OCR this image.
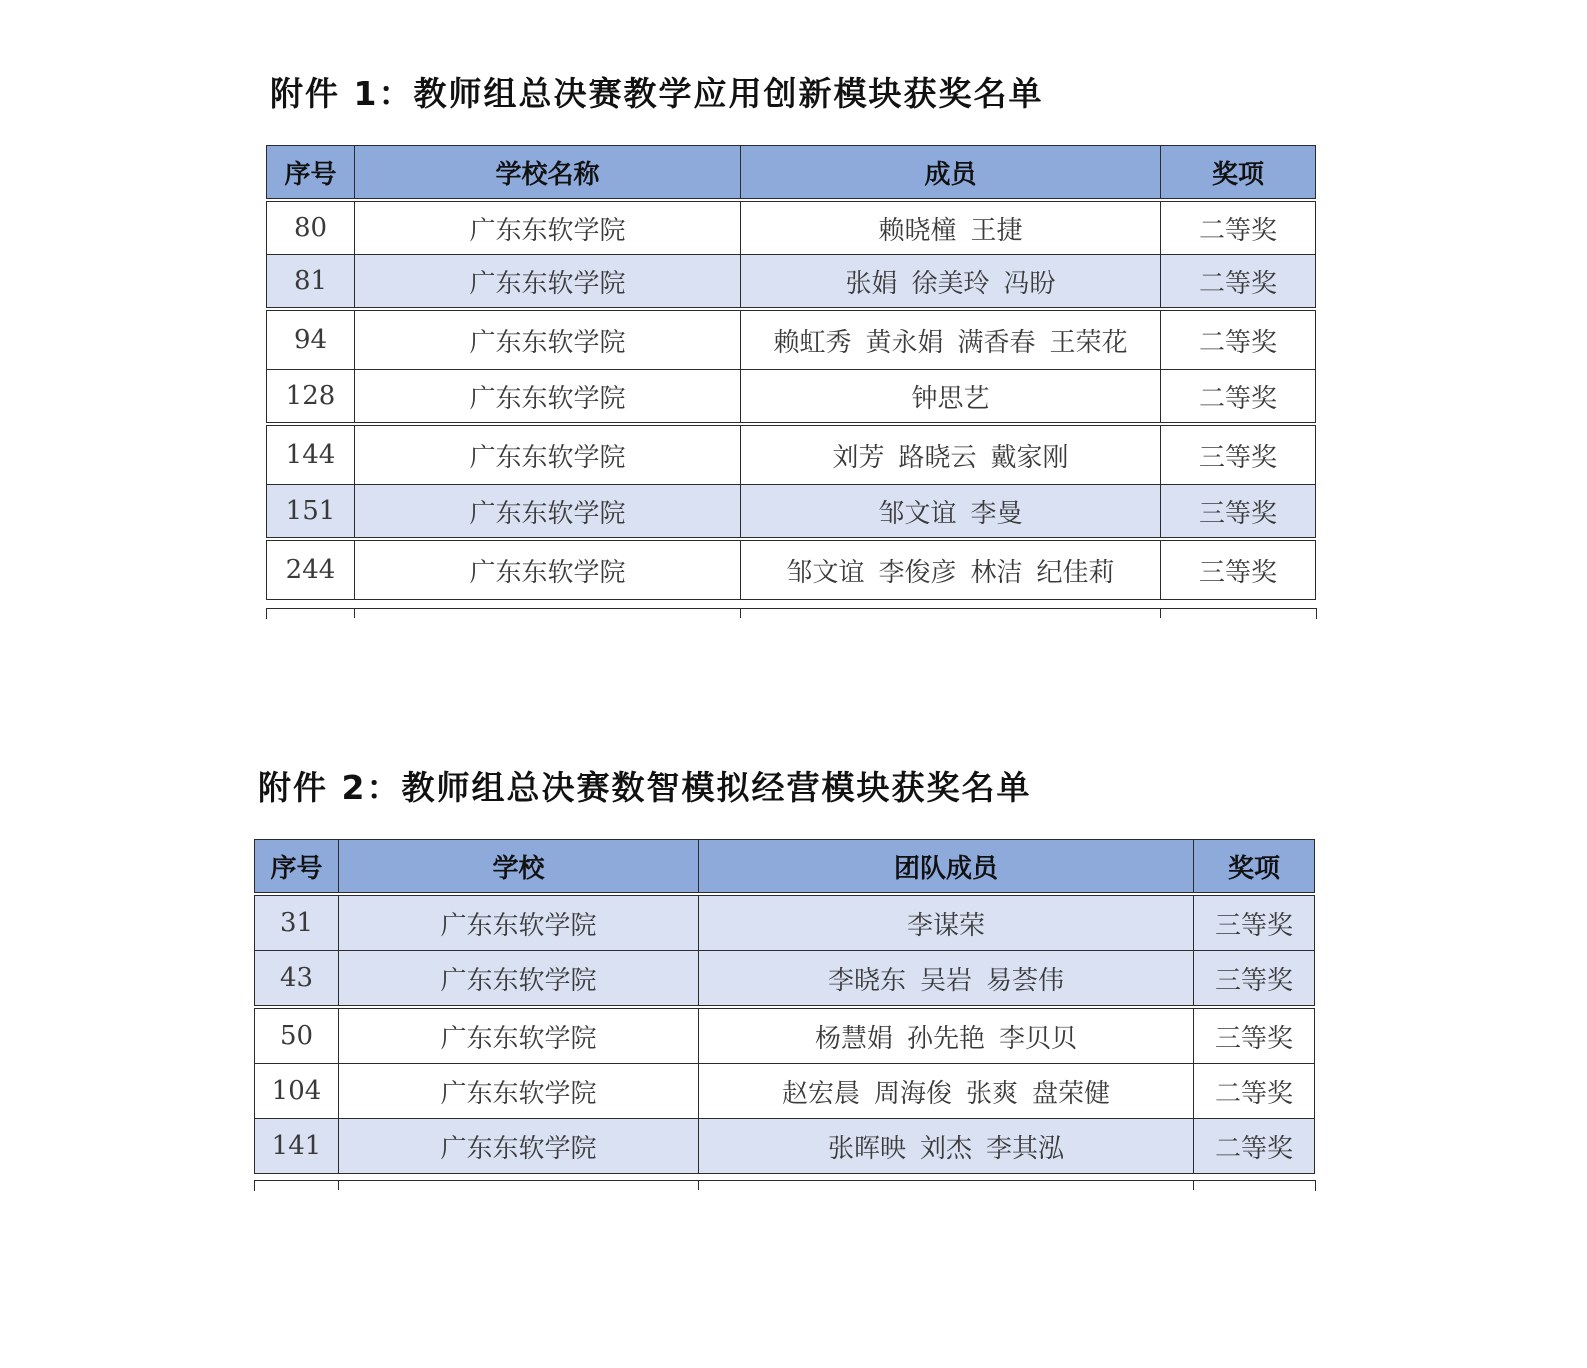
附件 1：教师组总决赛教学应用创新模块获奖名单
序号	学校名称	成员	奖项
80	广东东软学院	赖晓橦 王捷	二等奖
81	广东东软学院	张娟 徐美玲 冯盼	二等奖
94	广东东软学院	赖虹秀 黄永娟 满香春 王荣花	二等奖
128	广东东软学院	钟思艺	二等奖
144	广东东软学院	刘芳 路晓云 戴家刚	三等奖
151	广东东软学院	邹文谊 李曼	三等奖
244	广东东软学院	邹文谊 李俊彦 林洁 纪佳莉	三等奖
附件 2：教师组总决赛数智模拟经营模块获奖名单
序号	学校	团队成员	奖项
31	广东东软学院	李谋荣	三等奖
43	广东东软学院	李晓东 吴岩 易荟伟	三等奖
50	广东东软学院	杨慧娟 孙先艳 李贝贝	三等奖
104	广东东软学院	赵宏晨 周海俊 张爽 盘荣健	二等奖
141	广东东软学院	张晖映 刘杰 李其泓	二等奖
